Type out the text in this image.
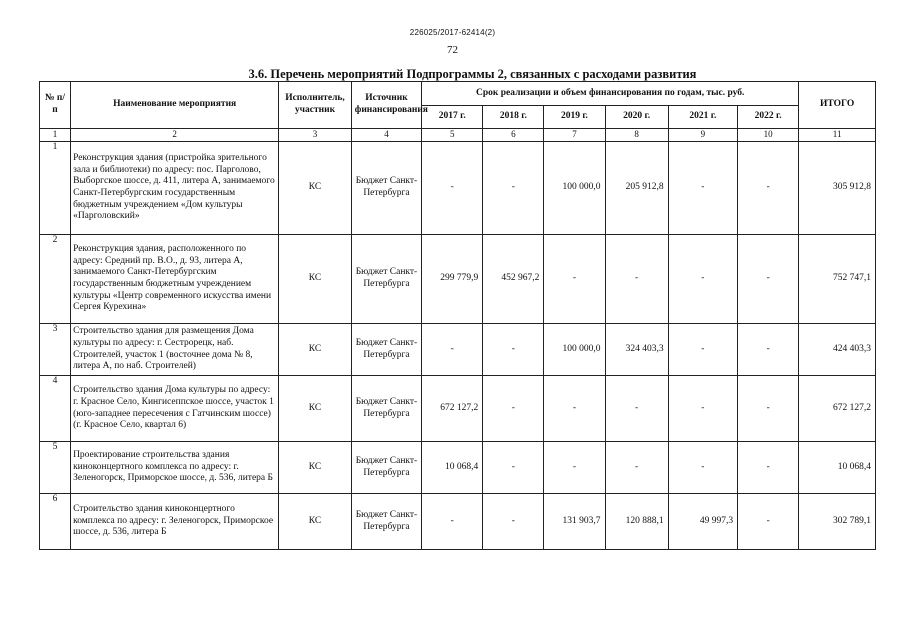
226025/2017-62414(2)
72
3.6. Перечень мероприятий Подпрограммы 2, связанных с расходами развития
№ п/п	Наименование мероприятия	Исполнитель, участник	Источник финансирования	Срок реализации и объем финансирования по годам, тыс. руб.						ИТОГО
				2017 г.	2018 г.	2019 г.	2020 г.	2021 г.	2022 г.	
1	2	3	4	5	6	7	8	9	10	11
1	Реконструкция здания (пристройка зрительного зала и библиотеки) по адресу: пос. Парголово, Выборгское шоссе, д. 411, литера А, занимаемого Санкт-Петербургским государственным бюджетным учреждением «Дом культуры «Парголовский»	КС	Бюджет Санкт-Петербурга	-	-	100 000,0	205 912,8	-	-	305 912,8
2	Реконструкция здания, расположенного по адресу: Средний пр. В.О., д. 93, литера А, занимаемого Санкт-Петербургским государственным бюджетным учреждением культуры «Центр современного искусства имени Сергея Курехина»	КС	Бюджет Санкт-Петербурга	299 779,9	452 967,2	-	-	-	-	752 747,1
3	Строительство здания для размещения Дома культуры по адресу: г. Сестрорецк, наб. Строителей, участок 1 (восточнее дома № 8, литера А, по наб. Строителей)	КС	Бюджет Санкт-Петербурга	-	-	100 000,0	324 403,3	-	-	424 403,3
4	Строительство здания Дома культуры по адресу: г. Красное Село, Кингисеппское шоссе, участок 1 (юго-западнее пересечения с Гатчинским шоссе) (г. Красное Село, квартал 6)	КС	Бюджет Санкт-Петербурга	672 127,2	-	-	-	-	-	672 127,2
5	Проектирование строительства здания киноконцертного комплекса по адресу: г. Зеленогорск, Приморское шоссе, д. 536, литера Б	КС	Бюджет Санкт-Петербурга	10 068,4	-	-	-	-	-	10 068,4
6	Строительство здания киноконцертного комплекса по адресу: г. Зеленогорск, Приморское шоссе, д. 536, литера Б	КС	Бюджет Санкт-Петербурга	-	-	131 903,7	120 888,1	49 997,3	-	302 789,1
